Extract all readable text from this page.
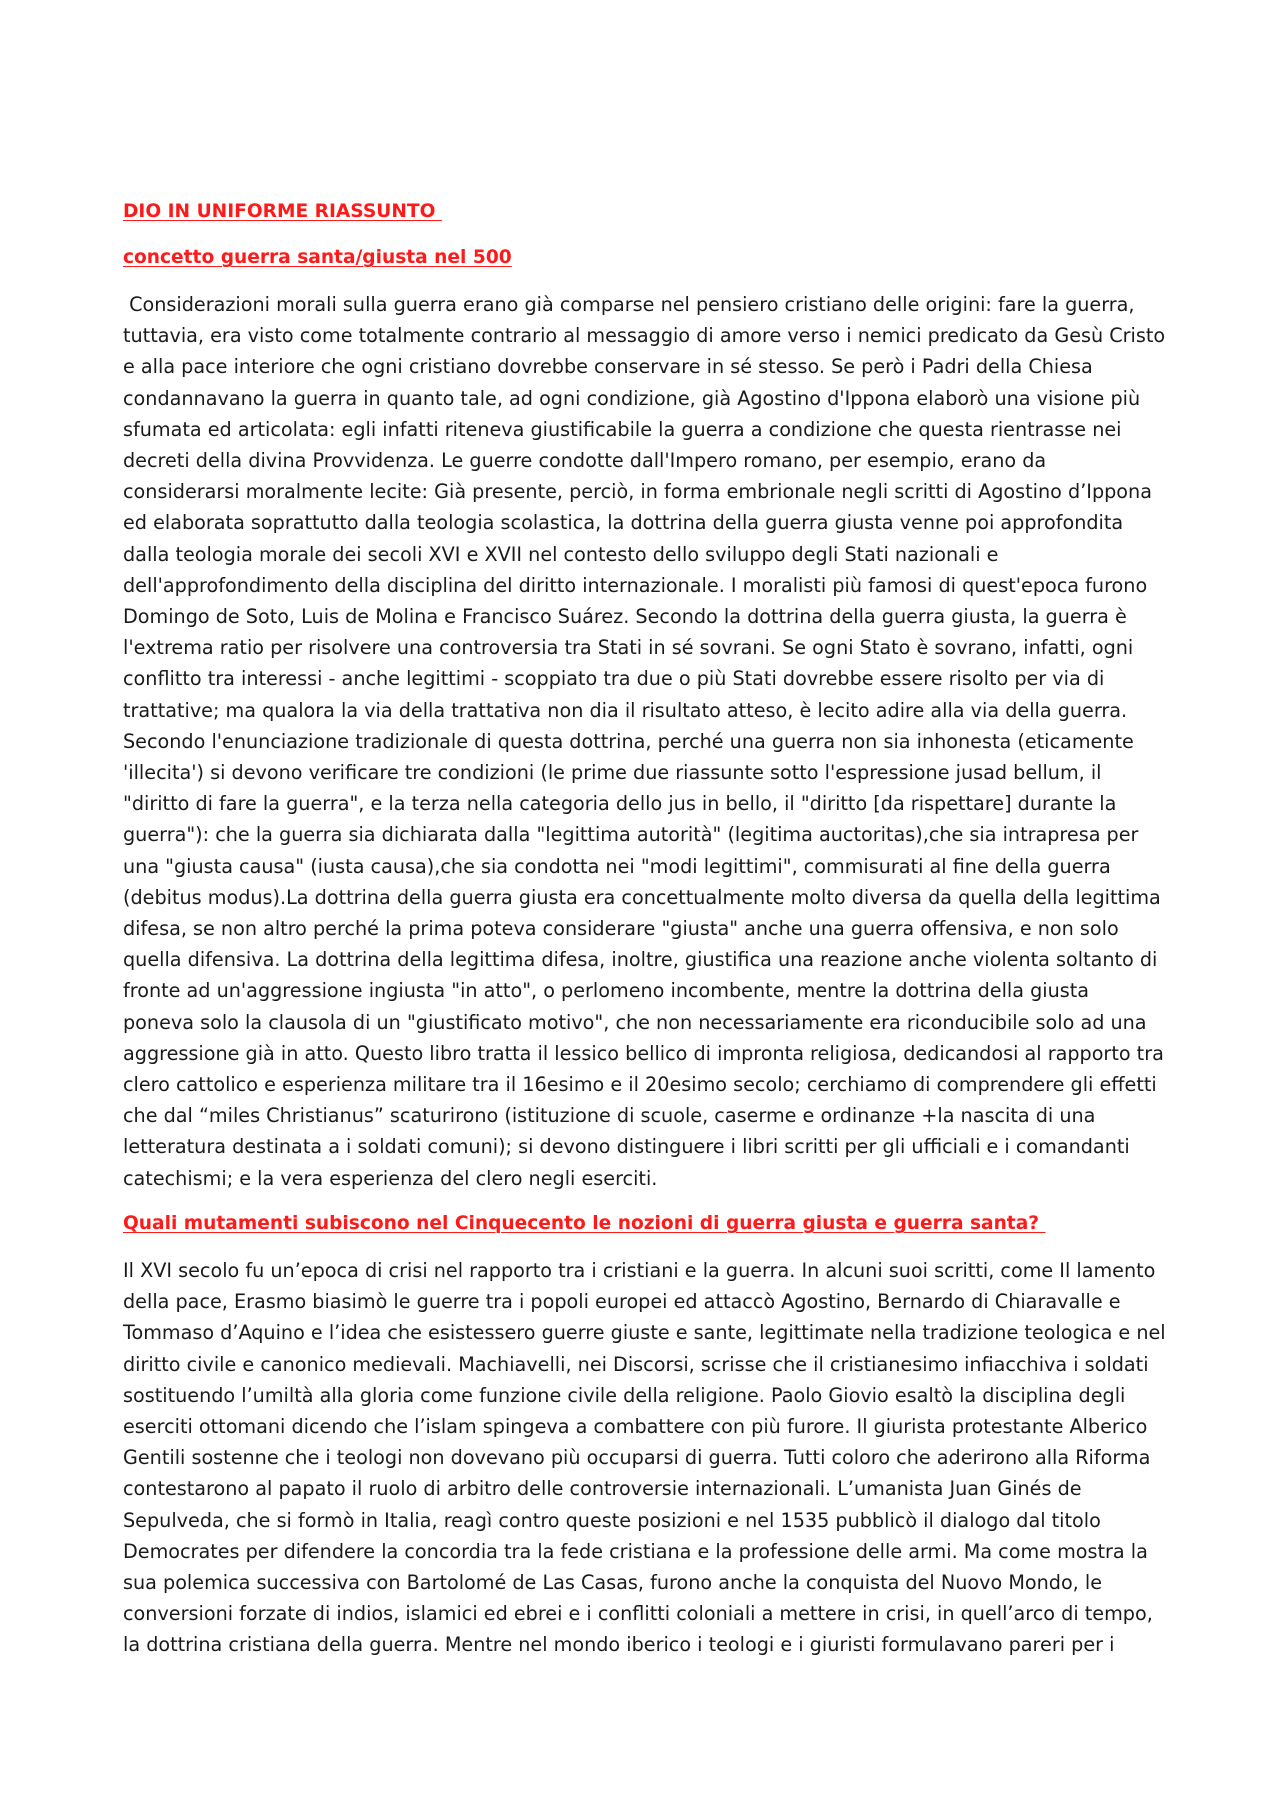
DIO IN UNIFORME RIASSUNTO

concetto guerra santa/giusta nel 500

Considerazioni morali sulla guerra erano già comparse nel pensiero cristiano delle origini: fare la guerra,
tuttavia, era visto come totalmente contrario al messaggio di amore verso i nemici predicato da Gesù Cristo
e alla pace interiore che ogni cristiano dovrebbe conservare in sé stesso. Se però i Padri della Chiesa
condannavano la guerra in quanto tale, ad ogni condizione, già Agostino d'Ippona elaborò una visione più
sfumata ed articolata: egli infatti riteneva giustificabile la guerra a condizione che questa rientrasse nei
decreti della divina Provvidenza. Le guerre condotte dall'Impero romano, per esempio, erano da
considerarsi moralmente lecite: Già presente, perciò, in forma embrionale negli scritti di Agostino d’Ippona
ed elaborata soprattutto dalla teologia scolastica, la dottrina della guerra giusta venne poi approfondita
dalla teologia morale dei secoli XVI e XVII nel contesto dello sviluppo degli Stati nazionali e
dell'approfondimento della disciplina del diritto internazionale. I moralisti più famosi di quest'epoca furono
Domingo de Soto, Luis de Molina e Francisco Suárez. Secondo la dottrina della guerra giusta, la guerra è
l'extrema ratio per risolvere una controversia tra Stati in sé sovrani. Se ogni Stato è sovrano, infatti, ogni
conflitto tra interessi - anche legittimi - scoppiato tra due o più Stati dovrebbe essere risolto per via di
trattative; ma qualora la via della trattativa non dia il risultato atteso, è lecito adire alla via della guerra.
Secondo l'enunciazione tradizionale di questa dottrina, perché una guerra non sia inhonesta (eticamente
'illecita') si devono verificare tre condizioni (le prime due riassunte sotto l'espressione jusad bellum, il
"diritto di fare la guerra", e la terza nella categoria dello jus in bello, il "diritto [da rispettare] durante la
guerra"): che la guerra sia dichiarata dalla "legittima autorità" (legitima auctoritas),che sia intrapresa per
una "giusta causa" (iusta causa),che sia condotta nei "modi legittimi", commisurati al fine della guerra
(debitus modus).La dottrina della guerra giusta era concettualmente molto diversa da quella della legittima
difesa, se non altro perché la prima poteva considerare "giusta" anche una guerra offensiva, e non solo
quella difensiva. La dottrina della legittima difesa, inoltre, giustifica una reazione anche violenta soltanto di
fronte ad un'aggressione ingiusta "in atto", o perlomeno incombente, mentre la dottrina della giusta
poneva solo la clausola di un "giustificato motivo", che non necessariamente era riconducibile solo ad una
aggressione già in atto. Questo libro tratta il lessico bellico di impronta religiosa, dedicandosi al rapporto tra
clero cattolico e esperienza militare tra il 16esimo e il 20esimo secolo; cerchiamo di comprendere gli effetti
che dal “miles Christianus” scaturirono (istituzione di scuole, caserme e ordinanze +la nascita di una
letteratura destinata a i soldati comuni); si devono distinguere i libri scritti per gli ufficiali e i comandanti
catechismi; e la vera esperienza del clero negli eserciti.

Quali mutamenti subiscono nel Cinquecento le nozioni di guerra giusta e guerra santa?

Il XVI secolo fu un’epoca di crisi nel rapporto tra i cristiani e la guerra. In alcuni suoi scritti, come Il lamento
della pace, Erasmo biasimò le guerre tra i popoli europei ed attaccò Agostino, Bernardo di Chiaravalle e
Tommaso d’Aquino e l’idea che esistessero guerre giuste e sante, legittimate nella tradizione teologica e nel
diritto civile e canonico medievali. Machiavelli, nei Discorsi, scrisse che il cristianesimo infiacchiva i soldati
sostituendo l’umiltà alla gloria come funzione civile della religione. Paolo Giovio esaltò la disciplina degli
eserciti ottomani dicendo che l’islam spingeva a combattere con più furore. Il giurista protestante Alberico
Gentili sostenne che i teologi non dovevano più occuparsi di guerra. Tutti coloro che aderirono alla Riforma
contestarono al papato il ruolo di arbitro delle controversie internazionali. L’umanista Juan Ginés de
Sepulveda, che si formò in Italia, reagì contro queste posizioni e nel 1535 pubblicò il dialogo dal titolo
Democrates per difendere la concordia tra la fede cristiana e la professione delle armi. Ma come mostra la
sua polemica successiva con Bartolomé de Las Casas, furono anche la conquista del Nuovo Mondo, le
conversioni forzate di indios, islamici ed ebrei e i conflitti coloniali a mettere in crisi, in quell’arco di tempo,
la dottrina cristiana della guerra. Mentre nel mondo iberico i teologi e i giuristi formulavano pareri per i
